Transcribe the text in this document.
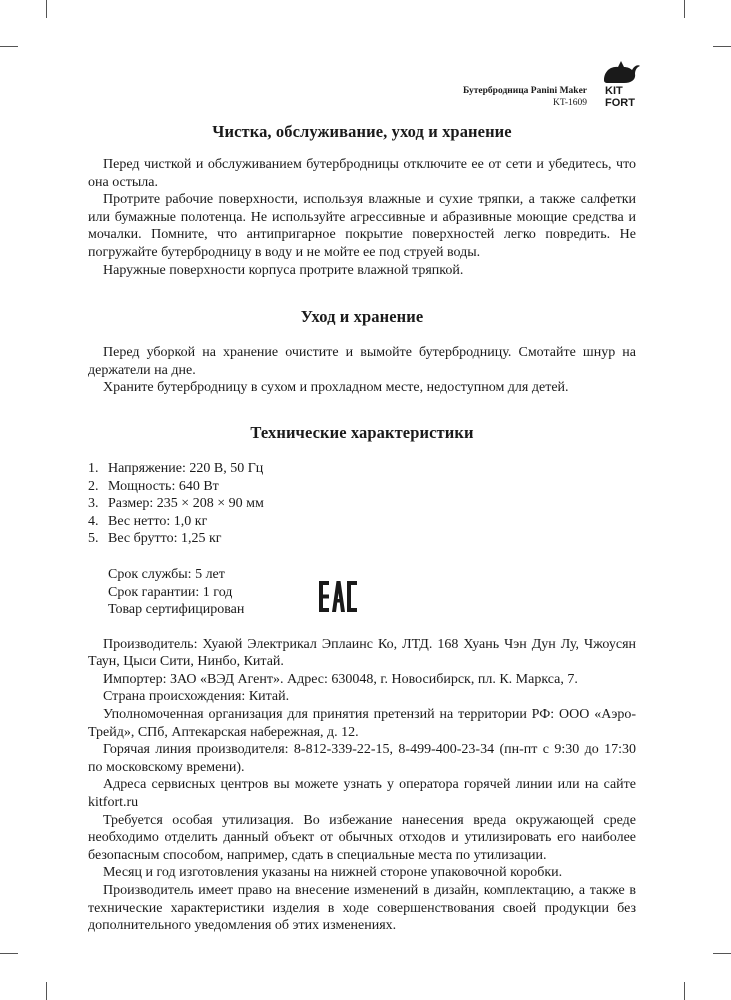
Бутербродница Panini Maker
KT-1609
KIT
FORT
Чистка, обслуживание, уход и хранение

Перед чисткой и обслуживанием бутербродницы отключите ее от сети и убедитесь, что она остыла.

Протрите рабочие поверхности, используя влажные и сухие тряпки, а также салфетки или бумажные полотенца. Не используйте агрессивные и абразивные моющие средства и мочалки. Помните, что антипригарное покрытие поверхностей легко повредить. Не погружайте бутербродницу в воду и не мойте ее под струей воды.

Наружные поверхности корпуса протрите влажной тряпкой.

Уход и хранение

Перед уборкой на хранение очистите и вымойте бутербродницу. Смотайте шнур на держатели на дне.

Храните бутербродницу в сухом и прохладном месте, недоступном для детей.

Технические характеристики
1. Напряжение: 220 В, 50 Гц
2. Мощность: 640 Вт
3. Размер: 235 × 208 × 90 мм
4. Вес нетто: 1,0 кг
5. Вес брутто: 1,25 кг
Срок службы: 5 лет
Срок гарантии: 1 год
Товар сертифицирован

Производитель: Хуаюй Электрикал Эплаинс Ко, ЛТД. 168 Хуань Чэн Дун Лу, Чжоусян Таун, Цыси Сити, Нинбо, Китай.

Импортер: ЗАО «ВЭД Агент». Адрес: 630048, г. Новосибирск, пл. К. Маркса, 7.

Страна происхождения: Китай.

Уполномоченная организация для принятия претензий на территории РФ: ООО «Аэро-Трейд», СПб, Аптекарская набережная, д. 12.

Горячая линия производителя: 8-812-339-22-15, 8-499-400-23-34 (пн-пт с 9:30 до 17:30 по московскому времени).

Адреса сервисных центров вы можете узнать у оператора горячей линии или на сайте kitfort.ru

Требуется особая утилизация. Во избежание нанесения вреда окружающей среде необходимо отделить данный объект от обычных отходов и утилизировать его наиболее безопасным способом, например, сдать в специальные места по утилизации.

Месяц и год изготовления указаны на нижней стороне упаковочной коробки.

Производитель имеет право на внесение изменений в дизайн, комплектацию, а также в технические характеристики изделия в ходе совершенствования своей продукции без дополнительного уведомления об этих изменениях.
